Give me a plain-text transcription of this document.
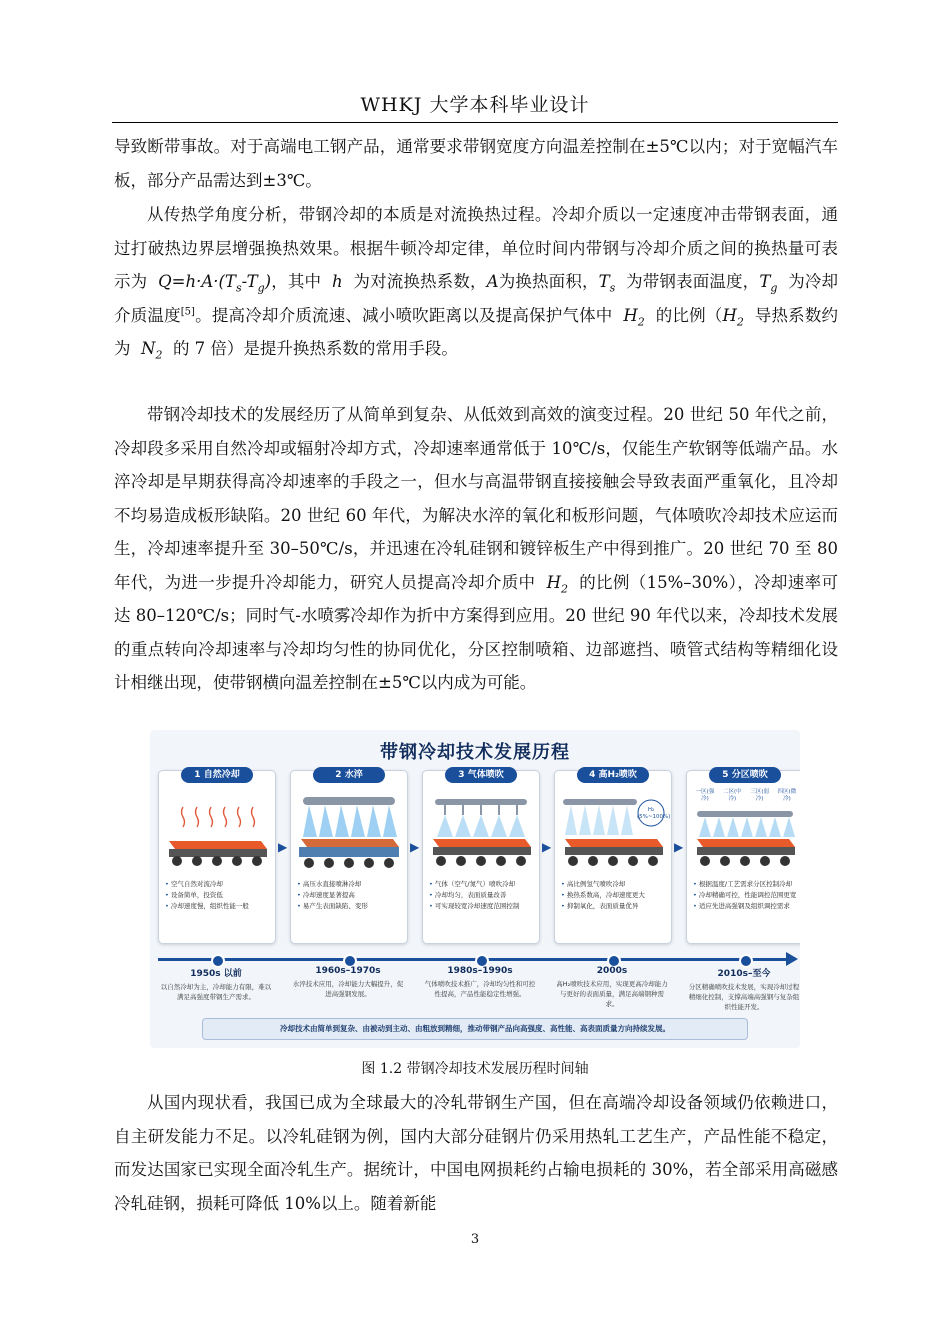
WHKJ 大学本科毕业设计

导致断带事故。对于高端电工钢产品，通常要求带钢宽度方向温差控制在±5℃以内；对于宽幅汽车板，部分产品需达到±3℃。

从传热学角度分析，带钢冷却的本质是对流换热过程。冷却介质以一定速度冲击带钢表面，通过打破热边界层增强换热效果。根据牛顿冷却定律，单位时间内带钢与冷却介质之间的换热量可表示为 $Q=h\cdot A\cdot(T_s-T_g)$，其中 h 为对流换热系数，A为换热面积，$T_s$ 为带钢表面温度，$T_g$ 为冷却介质温度[5]。提高冷却介质流速、减小喷吹距离以及提高保护气体中 $H_2$ 的比例（$H_2$ 导热系数约为 $N_2$ 的 7 倍）是提升换热系数的常用手段。

带钢冷却技术的发展经历了从简单到复杂、从低效到高效的演变过程。20 世纪 50 年代之前，冷却段多采用自然冷却或辐射冷却方式，冷却速率通常低于 10℃/s，仅能生产软钢等低端产品。水淬冷却是早期获得高冷却速率的手段之一，但水与高温带钢直接接触会导致表面严重氧化，且冷却不均易造成板形缺陷。20 世纪 60 年代，为解决水淬的氧化和板形问题，气体喷吹冷却技术应运而生，冷却速率提升至 30–50℃/s，并迅速在冷轧硅钢和镀锌板生产中得到推广。20 世纪 70 至 80 年代，为进一步提升冷却能力，研究人员提高冷却介质中 $H_2$ 的比例（15%–30%），冷却速率可达 80–120℃/s；同时气-水喷雾冷却作为折中方案得到应用。20 世纪 90 年代以来，冷却技术发展的重点转向冷却速率与冷却均匀性的协同优化，分区控制喷箱、边部遮挡、喷管式结构等精细化设计相继出现，使带钢横向温差控制在±5℃以内成为可能。

带钢冷却技术发展历程
1 自然冷却
• 空气自然对流冷却
• 设备简单，投资低
• 冷却速度慢，组织性能一般
▶
2 水淬
• 高压水直接喷淋冷却
• 冷却速度显著提高
• 易产生表面缺陷、变形
▶
3 气体喷吹
• 气体（空气/氮气）喷吹冷却
• 冷却均匀，表面质量改善
• 可实现较宽冷却速度范围控制
▶
4 高H₂喷吹
H₂ (5%~100%)
• 高比例氢气喷吹冷却
• 换热系数高，冷却速度更大
• 抑制氧化，表面质量优异
▶
5 分区喷吹
一区(强冷)
二区(中冷)
三区(弱冷)
四区(微冷)
• 根据温度/工艺需求分区控制冷却
• 冷却精确可控，性能调控范围更宽
• 适应先进高强钢及组织调控需求
1950s 以前
以自然冷却为主，冷却能力有限，难以满足高强度带钢生产需求。
1960s–1970s
水淬技术应用，冷却能力大幅提升，促进高强钢发展。
1980s–1990s
气体喷吹技术推广，冷却均匀性和可控性提高，产品性能稳定性增强。
2000s
高H₂喷吹技术应用，实现更高冷却能力与更好的表面质量，满足高端钢种需求。
2010s–至今
分区精确喷吹技术发展，实现冷却过程精细化控制，支撑高端高强钢与复杂组织性能开发。
冷却技术由简单到复杂、由被动到主动、由粗放到精细，推动带钢产品向高强度、高性能、高表面质量方向持续发展。
图 1.2 带钢冷却技术发展历程时间轴

从国内现状看，我国已成为全球最大的冷轧带钢生产国，但在高端冷却设备领域仍依赖进口，自主研发能力不足。以冷轧硅钢为例，国内大部分硅钢片仍采用热轧工艺生产，产品性能不稳定，而发达国家已实现全面冷轧生产。据统计，中国电网损耗约占输电损耗的 30%，若全部采用高磁感冷轧硅钢，损耗可降低 10%以上。随着新能

3
